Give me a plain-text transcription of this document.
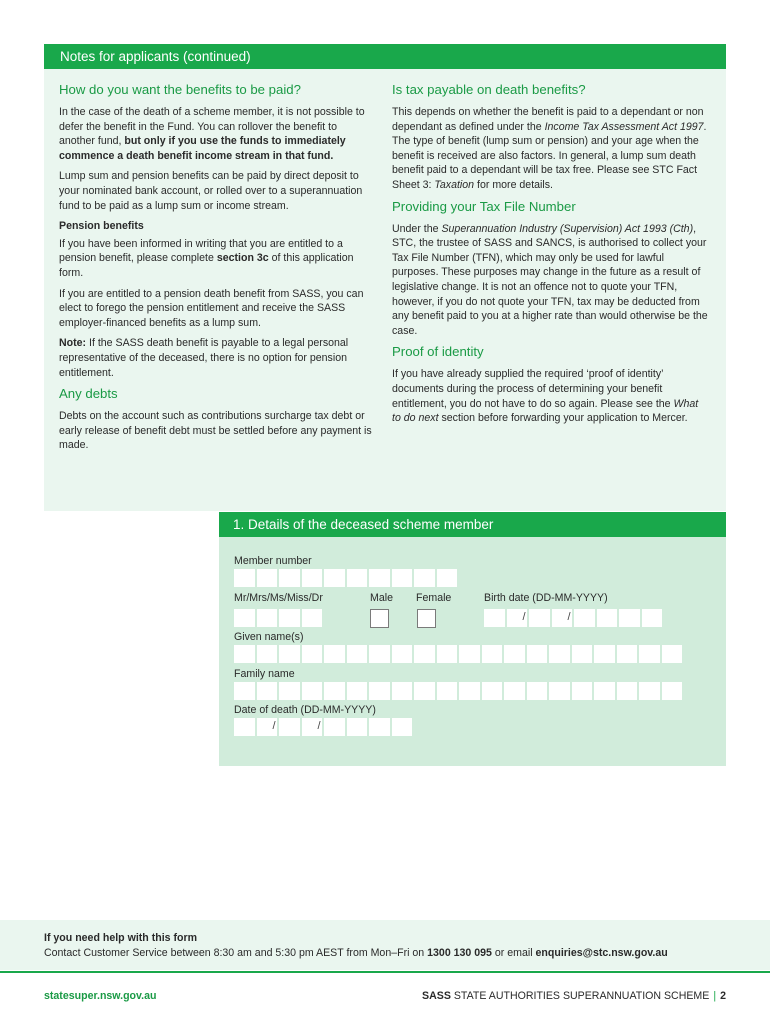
Notes for applicants (continued)
How do you want the benefits to be paid?

In the case of the death of a scheme member, it is not possible to defer the benefit in the Fund. You can rollover the benefit to another fund, but only if you use the funds to immediately commence a death benefit income stream in that fund.

Lump sum and pension benefits can be paid by direct deposit to your nominated bank account, or rolled over to a superannuation fund to be paid as a lump sum or income stream.

Pension benefits

If you have been informed in writing that you are entitled to a pension benefit, please complete section 3c of this application form.

If you are entitled to a pension death benefit from SASS, you can elect to forego the pension entitlement and receive the SASS employer-financed benefits as a lump sum.

Note: If the SASS death benefit is payable to a legal personal representative of the deceased, there is no option for pension entitlement.

Any debts

Debts on the account such as contributions surcharge tax debt or early release of benefit debt must be settled before any payment is made.

Is tax payable on death benefits?

This depends on whether the benefit is paid to a dependant or non dependant as defined under the Income Tax Assessment Act 1997. The type of benefit (lump sum or pension) and your age when the benefit is received are also factors. In general, a lump sum death benefit paid to a dependant will be tax free. Please see STC Fact Sheet 3: Taxation for more details.

Providing your Tax File Number

Under the Superannuation Industry (Supervision) Act 1993 (Cth), STC, the trustee of SASS and SANCS, is authorised to collect your Tax File Number (TFN), which may only be used for lawful purposes. These purposes may change in the future as a result of legislative change. It is not an offence not to quote your TFN, however, if you do not quote your TFN, tax may be deducted from any benefit paid to you at a higher rate than would otherwise be the case.

Proof of identity

If you have already supplied the required ‘proof of identity’ documents during the process of determining your benefit entitlement, you do not have to do so again. Please see the What to do next section before forwarding your application to Mercer.

1. Details of the deceased scheme member
Member number
Mr/Mrs/Ms/Miss/Dr	Male Female	Birth date (DD-MM-YYYY)
/
/
Given name(s)
Family name
Date of death (DD-MM-YYYY)
/
/
If you need help with this form
Contact Customer Service between 8:30 am and 5:30 pm AEST from Mon–Fri on 1300 130 095 or email enquiries@stc.nsw.gov.au
statesuper.nsw.gov.au	SASS STATE AUTHORITIES SUPERANNUATION SCHEME | 2
